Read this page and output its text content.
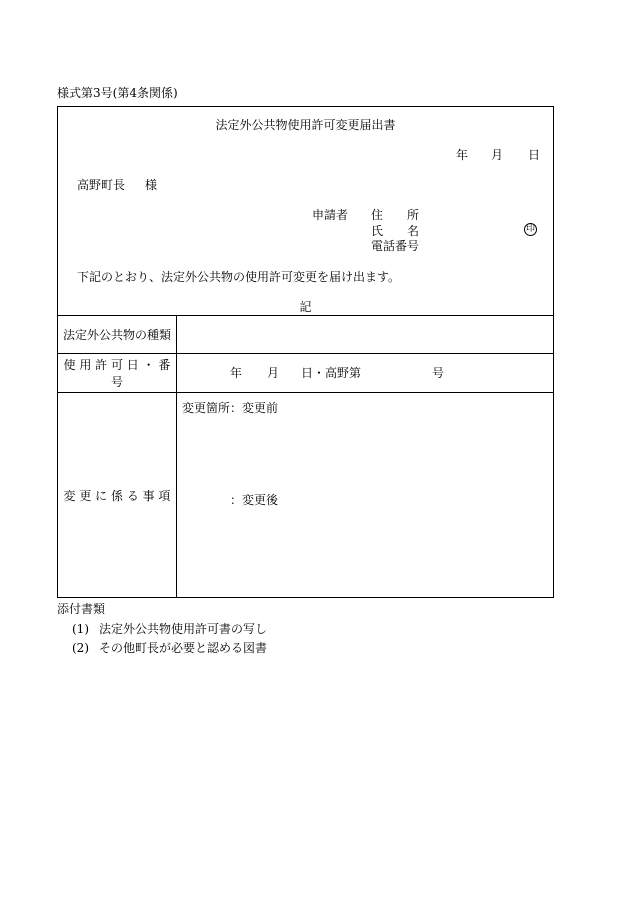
様式第3号(第4条関係)
法定外公共物使用許可変更届出書
年 月 日
高野町長 様
申請者 住　　所
氏　　名	印
電話番号
下記のとおり、法定外公共物の使用許可変更を届け出ます。
記
法定外公共物の種類
使 用 許 可 日 ・ 番 号
年 月 日・高野第	号
変 更 に 係 る 事 項
変更箇所：変更前
：変更後
添付書類
(1) 法定外公共物使用許可書の写し
(2) その他町長が必要と認める図書
